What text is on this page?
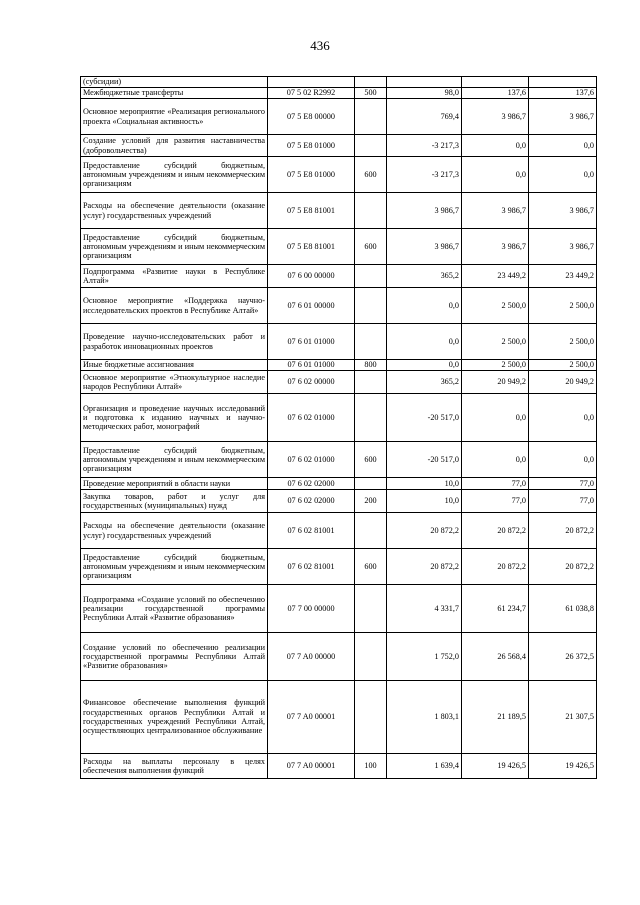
436
(субсидии)					
Межбюджетные трансферты	07 5 02 R2992	500	98,0	137,6	137,6
Основное мероприятие «Реализация регионального проекта «Социальная активность»	07 5 E8 00000		769,4	3 986,7	3 986,7
Создание условий для развития наставничества (добровольчества)	07 5 E8 01000		-3 217,3	0,0	0,0
Предоставление субсидий бюджетным, автономным учреждениям и иным некоммерческим организациям	07 5 E8 01000	600	-3 217,3	0,0	0,0
Расходы на обеспечение деятельности (оказание услуг) государственных учреждений	07 5 E8 81001		3 986,7	3 986,7	3 986,7
Предоставление субсидий бюджетным, автономным учреждениям и иным некоммерческим организациям	07 5 E8 81001	600	3 986,7	3 986,7	3 986,7
Подпрограмма «Развитие науки в Республике Алтай»	07 6 00 00000		365,2	23 449,2	23 449,2
Основное мероприятие «Поддержка научно-исследовательских проектов в Республике Алтай»	07 6 01 00000		0,0	2 500,0	2 500,0
Проведение научно-исследовательских работ и разработок инновационных проектов	07 6 01 01000		0,0	2 500,0	2 500,0
Иные бюджетные ассигнования	07 6 01 01000	800	0,0	2 500,0	2 500,0
Основное мероприятие «Этнокультурное наследие народов Республики Алтай»	07 6 02 00000		365,2	20 949,2	20 949,2
Организация и проведение научных исследований и подготовка к изданию научных и научно-методических работ, монографий	07 6 02 01000		-20 517,0	0,0	0,0
Предоставление субсидий бюджетным, автономным учреждениям и иным некоммерческим организациям	07 6 02 01000	600	-20 517,0	0,0	0,0
Проведение мероприятий в области науки	07 6 02 02000		10,0	77,0	77,0
Закупка товаров, работ и услуг для государственных (муниципальных) нужд	07 6 02 02000	200	10,0	77,0	77,0
Расходы на обеспечение деятельности (оказание услуг) государственных учреждений	07 6 02 81001		20 872,2	20 872,2	20 872,2
Предоставление субсидий бюджетным, автономным учреждениям и иным некоммерческим организациям	07 6 02 81001	600	20 872,2	20 872,2	20 872,2
Подпрограмма «Создание условий по обеспечению реализации государственной программы Республики Алтай «Развитие образования»	07 7 00 00000		4 331,7	61 234,7	61 038,8
Создание условий по обеспечению реализации государственной программы Республики Алтай «Развитие образования»	07 7 A0 00000		1 752,0	26 568,4	26 372,5
Финансовое обеспечение выполнения функций государственных органов Республики Алтай и государственных учреждений Республики Алтай, осуществляющих централизованное обслуживание	07 7 A0 00001		1 803,1	21 189,5	21 307,5
Расходы на выплаты персоналу в целях обеспечения выполнения функций	07 7 A0 00001	100	1 639,4	19 426,5	19 426,5
